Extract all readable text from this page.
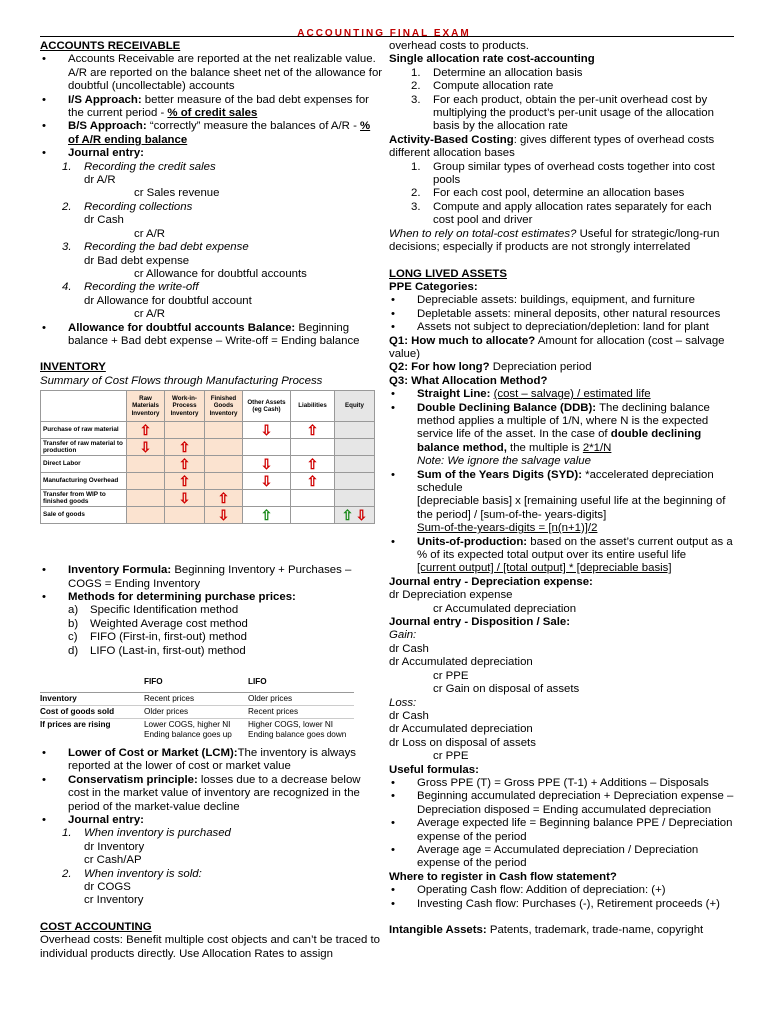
ACCOUNTING FINAL EXAM
ACCOUNTS RECEIVABLE
• Accounts Receivable are reported at the net realizable value. A/R are reported on the balance sheet net of the allowance for doubtful (uncollectable) accounts
• I/S Approach: better measure of the bad debt expenses for the current period - % of credit sales
• B/S Approach: “correctly” measure the balances of A/R - % of A/R ending balance
• Journal entry:
1. Recording the credit sales
dr A/R
cr Sales revenue
2. Recording collections
dr Cash
cr A/R
3. Recording the bad debt expense
dr Bad debt expense
cr Allowance for doubtful accounts
4. Recording the write-off
dr Allowance for doubtful account
cr A/R
• Allowance for doubtful accounts Balance: Beginning balance + Bad debt expense – Write-off = Ending balance
INVENTORY
Summary of Cost Flows through Manufacturing Process
	Raw Materials Inventory	Work-in-Process Inventory	Finished Goods Inventory	Other Assets (eg Cash)	Liabilities	Equity
Purchase of raw material	⇧			⇩	⇧	
Transfer of raw material to production	⇩	⇧				
Direct Labor		⇧		⇩	⇧	
Manufacturing Overhead		⇧		⇩	⇧	
Transfer from WIP to finished goods		⇩	⇧			
Sale of goods			⇩	⇧		⇧ ⇩
• Inventory Formula: Beginning Inventory + Purchases – COGS = Ending Inventory
• Methods for determining purchase prices:
a) Specific Identification method
b) Weighted Average cost method
c) FIFO (First-in, first-out) method
d) LIFO (Last-in, first-out) method
	FIFO	LIFO
Inventory	Recent prices	Older prices
Cost of goods sold	Older prices	Recent prices
If prices are rising	Lower COGS, higher NI Ending balance goes up	Higher COGS, lower NI Ending balance goes down
• Lower of Cost or Market (LCM):The inventory is always reported at the lower of cost or market value
• Conservatism principle: losses due to a decrease below cost in the market value of inventory are recognized in the period of the market-value decline
• Journal entry:
1. When inventory is purchased
dr Inventory
cr Cash/AP
2. When inventory is sold:
dr COGS
cr Inventory
COST ACCOUNTING
Overhead costs: Benefit multiple cost objects and can’t be traced to individual products directly. Use Allocation Rates to assign
overhead costs to products.
Single allocation rate cost-accounting
1. Determine an allocation basis
2. Compute allocation rate
3. For each product, obtain the per-unit overhead cost by multiplying the product’s per-unit usage of the allocation basis by the allocation rate
Activity-Based Costing: gives different types of overhead costs different allocation bases
1. Group similar types of overhead costs together into cost pools
2. For each cost pool, determine an allocation bases
3. Compute and apply allocation rates separately for each cost pool and driver
When to rely on total-cost estimates? Useful for strategic/long-run decisions; especially if products are not strongly interrelated
LONG LIVED ASSETS
PPE Categories:
• Depreciable assets: buildings, equipment, and furniture
• Depletable assets: mineral deposits, other natural resources
• Assets not subject to depreciation/depletion: land for plant
Q1: How much to allocate? Amount for allocation (cost – salvage value)
Q2: For how long? Depreciation period
Q3: What Allocation Method?
• Straight Line: (cost – salvage) / estimated life
• Double Declining Balance (DDB): The declining balance method applies a multiple of 1/N, where N is the expected service life of the asset. In the case of double declining balance method, the multiple is 2*1/N
Note: We ignore the salvage value
• Sum of the Years Digits (SYD): *accelerated depreciation schedule
[depreciable basis] x [remaining useful life at the beginning of the period] / [sum-of-the- years-digits]
Sum-of-the-years-digits = [n(n+1)]/2
• Units-of-production: based on the asset’s current output as a % of its expected total output over its entire useful life
[current output] / [total output] * [depreciable basis]
Journal entry - Depreciation expense:
dr Depreciation expense
cr Accumulated depreciation
Journal entry - Disposition / Sale:
Gain:
dr Cash
dr Accumulated depreciation
cr PPE
cr Gain on disposal of assets
Loss:
dr Cash
dr Accumulated depreciation
dr Loss on disposal of assets
cr PPE
Useful formulas:
• Gross PPE (T) = Gross PPE (T-1) + Additions – Disposals
• Beginning accumulated depreciation + Depreciation expense – Depreciation disposed = Ending accumulated depreciation
• Average expected life = Beginning balance PPE / Depreciation expense of the period
• Average age = Accumulated depreciation / Depreciation expense of the period
Where to register in Cash flow statement?
• Operating Cash flow: Addition of depreciation: (+)
• Investing Cash flow: Purchases (-), Retirement proceeds (+)
Intangible Assets: Patents, trademark, trade-name, copyright
